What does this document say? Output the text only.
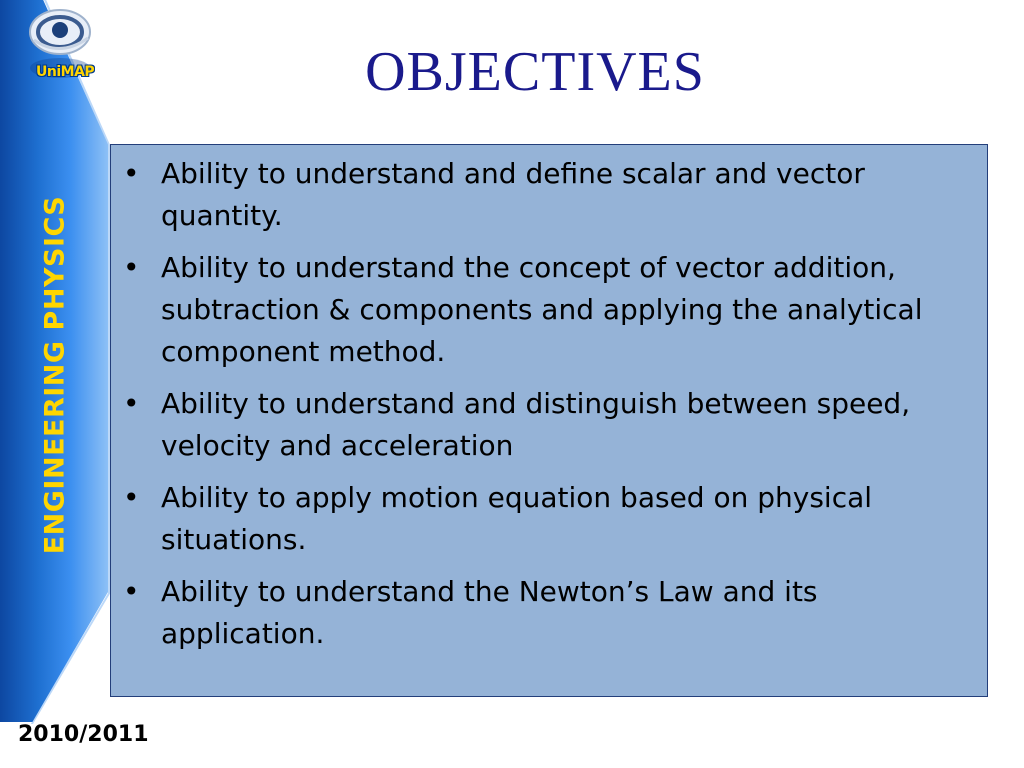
UniMAP
ENGINEERINGPHYSICS
OBJECTIVES
• Ability to understand and define scalar and vector quantity.
• Ability to understand the concept of vector addition, subtraction & components and applying the analytical component method.
• Ability to understand and distinguish between speed, velocity and acceleration
• Ability to apply motion equation based on physical situations.
• Ability to understand the Newton’s Law and its application.
2010/2011
